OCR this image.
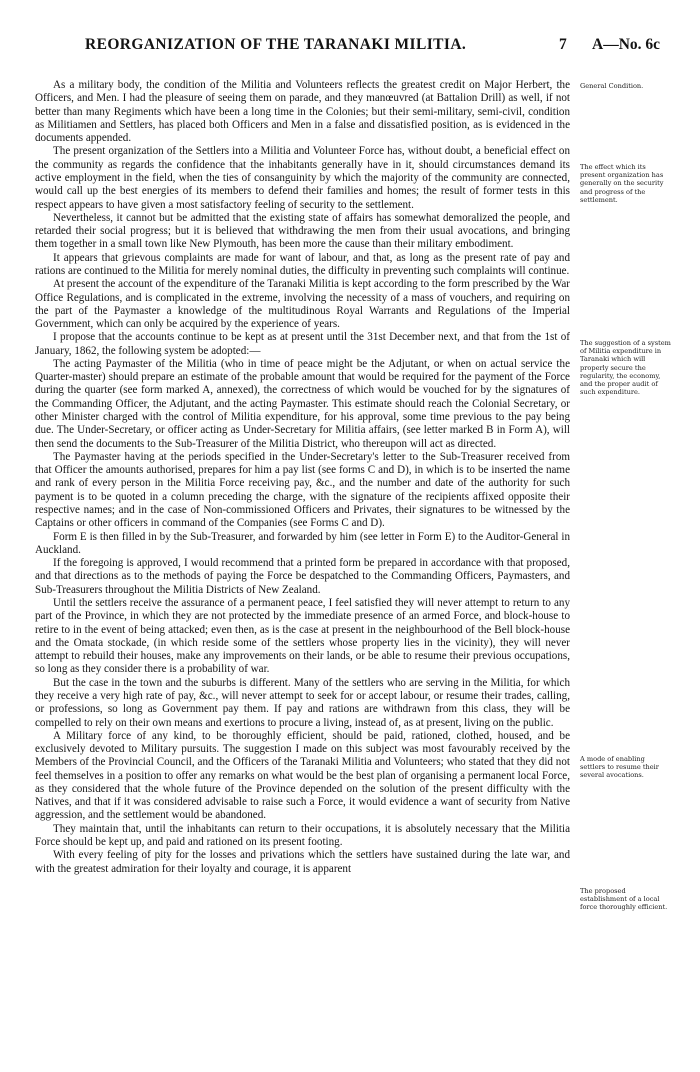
REORGANIZATION OF THE TARANAKI MILITIA.	7 A—No. 6c

As a military body, the condition of the Militia and Volunteers reflects the greatest credit on Major Herbert, the Officers, and Men. I had the pleasure of seeing them on parade, and they manœuvred (at Battalion Drill) as well, if not better than many Regiments which have been a long time in the Colonies; but their semi-military, semi-civil, condition as Militiamen and Settlers, has placed both Officers and Men in a false and dissatisfied position, as is evidenced in the documents appended.

The present organization of the Settlers into a Militia and Volunteer Force has, without doubt, a beneficial effect on the community as regards the confidence that the inhabitants generally have in it, should circumstances demand its active employment in the field, when the ties of consanguinity by which the majority of the community are connected, would call up the best energies of its members to defend their families and homes; the result of former tests in this respect appears to have given a most satisfactory feeling of security to the settlement.

Nevertheless, it cannot but be admitted that the existing state of affairs has somewhat demoralized the people, and retarded their social progress; but it is believed that withdrawing the men from their usual avocations, and bringing them together in a small town like New Plymouth, has been more the cause than their military embodiment.

It appears that grievous complaints are made for want of labour, and that, as long as the present rate of pay and rations are continued to the Militia for merely nominal duties, the difficulty in preventing such complaints will continue.

At present the account of the expenditure of the Taranaki Militia is kept according to the form prescribed by the War Office Regulations, and is complicated in the extreme, involving the necessity of a mass of vouchers, and requiring on the part of the Paymaster a knowledge of the multitudinous Royal Warrants and Regulations of the Imperial Government, which can only be acquired by the experience of years.

I propose that the accounts continue to be kept as at present until the 31st December next, and that from the 1st of January, 1862, the following system be adopted:—

The acting Paymaster of the Militia (who in time of peace might be the Adjutant, or when on actual service the Quarter-master) should prepare an estimate of the probable amount that would be required for the payment of the Force during the quarter (see form marked A, annexed), the correctness of which would be vouched for by the signatures of the Commanding Officer, the Adjutant, and the acting Paymaster. This estimate should reach the Colonial Secretary, or other Minister charged with the control of Militia expenditure, for his approval, some time previous to the pay being due. The Under-Secretary, or officer acting as Under-Secretary for Militia affairs, (see letter marked B in Form A), will then send the documents to the Sub-Treasurer of the Militia District, who thereupon will act as directed.

The Paymaster having at the periods specified in the Under-Secretary's letter to the Sub-Treasurer received from that Officer the amounts authorised, prepares for him a pay list (see forms C and D), in which is to be inserted the name and rank of every person in the Militia Force receiving pay, &c., and the number and date of the authority for such payment is to be quoted in a column preceding the charge, with the signature of the recipients affixed opposite their respective names; and in the case of Non-commissioned Officers and Privates, their signatures to be witnessed by the Captains or other officers in command of the Companies (see Forms C and D).

Form E is then filled in by the Sub-Treasurer, and forwarded by him (see letter in Form E) to the Auditor-General in Auckland.

If the foregoing is approved, I would recommend that a printed form be prepared in accordance with that proposed, and that directions as to the methods of paying the Force be despatched to the Commanding Officers, Paymasters, and Sub-Treasurers throughout the Militia Districts of New Zealand.

Until the settlers receive the assurance of a permanent peace, I feel satisfied they will never attempt to return to any part of the Province, in which they are not protected by the immediate presence of an armed Force, and block-house to retire to in the event of being attacked; even then, as is the case at present in the neighbourhood of the Bell block-house and the Omata stockade, (in which reside some of the settlers whose property lies in the vicinity), they will never attempt to rebuild their houses, make any improvements on their lands, or be able to resume their previous occupations, so long as they consider there is a probability of war.

But the case in the town and the suburbs is different. Many of the settlers who are serving in the Militia, for which they receive a very high rate of pay, &c., will never attempt to seek for or accept labour, or resume their trades, calling, or professions, so long as Government pay them. If pay and rations are withdrawn from this class, they will be compelled to rely on their own means and exertions to procure a living, instead of, as at present, living on the public.

A Military force of any kind, to be thoroughly efficient, should be paid, rationed, clothed, housed, and be exclusively devoted to Military pursuits. The suggestion I made on this subject was most favourably received by the Members of the Provincial Council, and the Officers of the Taranaki Militia and Volunteers; who stated that they did not feel themselves in a position to offer any remarks on what would be the best plan of organising a permanent local Force, as they considered that the whole future of the Province depended on the solution of the present difficulty with the Natives, and that if it was considered advisable to raise such a Force, it would evidence a want of security from Native aggression, and the settlement would be abandoned.

They maintain that, until the inhabitants can return to their occupations, it is absolutely necessary that the Militia Force should be kept up, and paid and rationed on its present footing.

With every feeling of pity for the losses and privations which the settlers have sustained during the late war, and with the greatest admiration for their loyalty and courage, it is apparent

General Condition.
The effect which its present organization has generally on the security and progress of the settlement.
The suggestion of a system of Militia expenditure in Taranaki which will properly secure the regularity, the economy, and the proper audit of such expenditure.
A mode of enabling settlers to resume their several avocations.
The proposed establishment of a local force thoroughly efficient.
